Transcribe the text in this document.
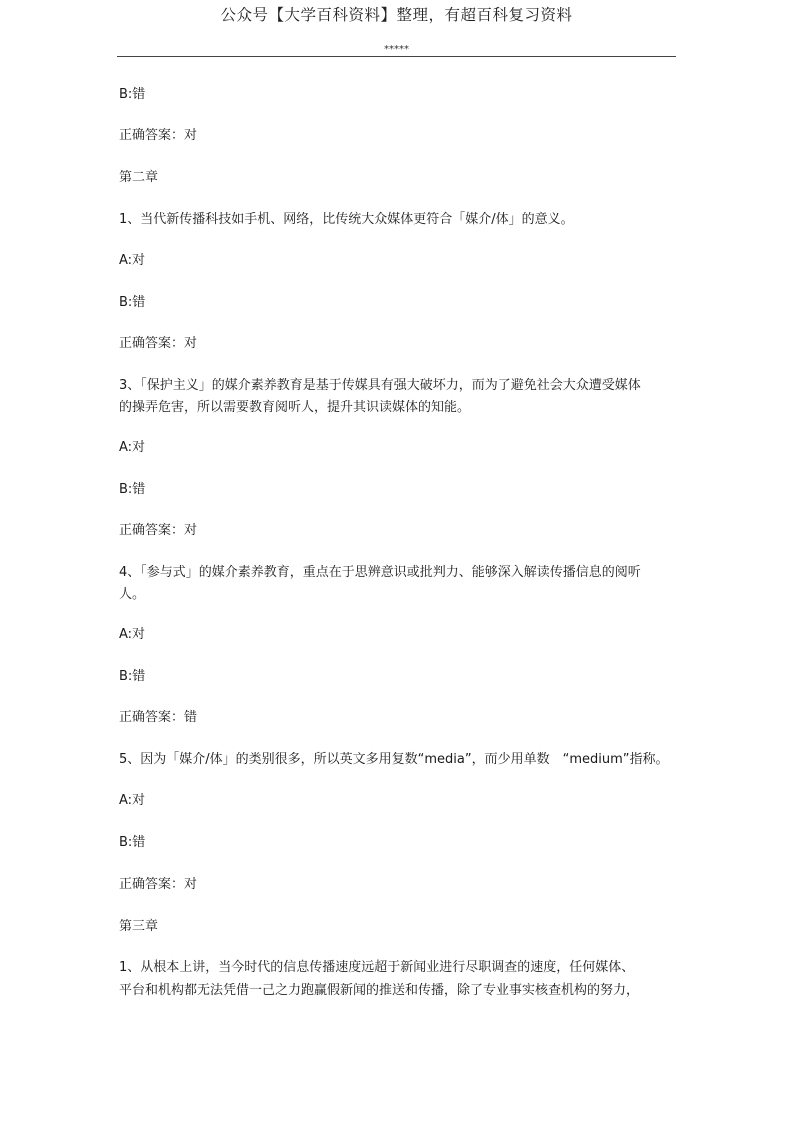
公众号【大学百科资料】整理，有超百科复习资料
*****
B:错
正确答案：对
第二章
1、当代新传播科技如手机、网络，比传统大众媒体更符合「媒介/体」的意义。
A:对
B:错
正确答案：对
3、「保护主义」的媒介素养教育是基于传媒具有强大破坏力，而为了避免社会大众遭受媒体
的操弄危害，所以需要教育阅听人，提升其识读媒体的知能。
A:对
B:错
正确答案：对
4、「参与式」的媒介素养教育，重点在于思辨意识或批判力、能够深入解读传播信息的阅听
人。
A:对
B:错
正确答案：错
5、因为「媒介/体」的类别很多，所以英文多用复数“media”，而少用单数　“medium”指称。
A:对
B:错
正确答案：对
第三章
1、从根本上讲，当今时代的信息传播速度远超于新闻业进行尽职调查的速度，任何媒体、
平台和机构都无法凭借一己之力跑赢假新闻的推送和传播，除了专业事实核查机构的努力，
